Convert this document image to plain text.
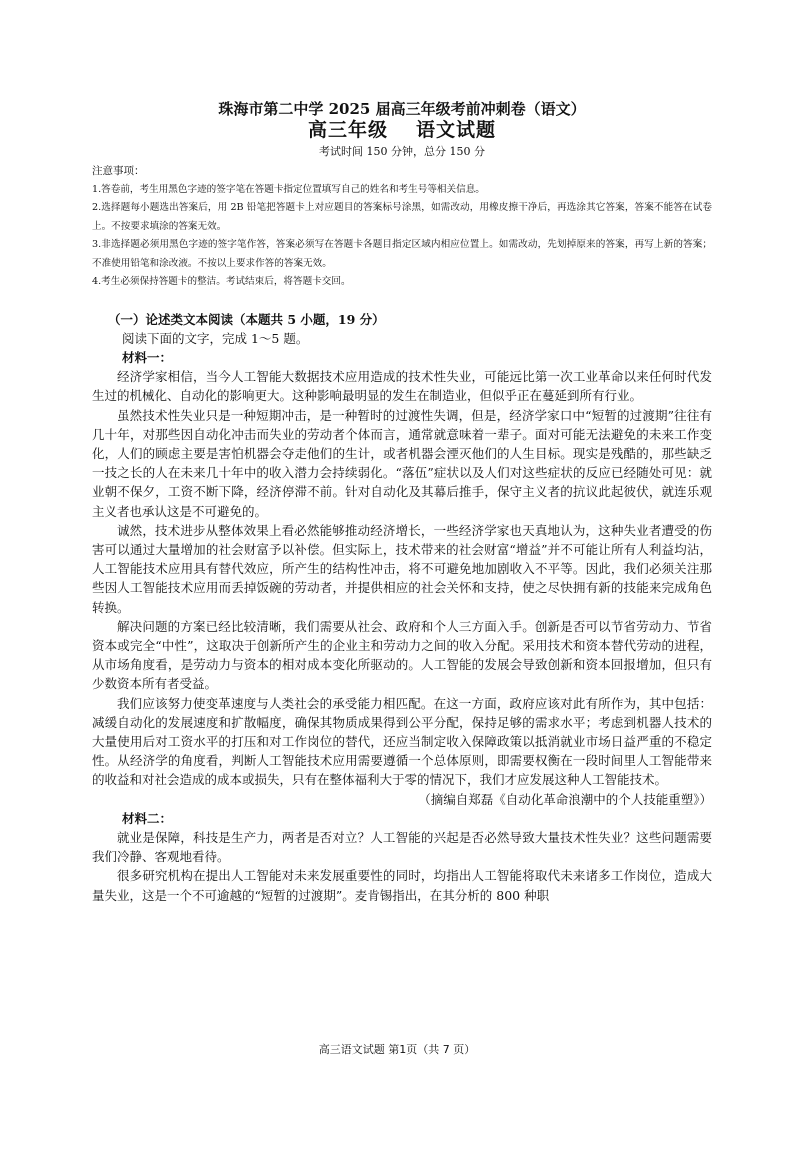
珠海市第二中学 2025 届高三年级考前冲刺卷（语文）

高三年级 语文试题

考试时间 150 分钟，总分 150 分

注意事项：
1.答卷前，考生用黑色字迹的签字笔在答题卡指定位置填写自己的姓名和考生号等相关信息。
2.选择题每小题选出答案后，用 2B 铅笔把答题卡上对应题目的答案标号涂黑，如需改动，用橡皮擦干净后，再选涂其它答案，答案不能答在试卷上。不按要求填涂的答案无效。
3.非选择题必须用黑色字迹的签字笔作答，答案必须写在答题卡各题目指定区域内相应位置上。如需改动，先划掉原来的答案，再写上新的答案；不准使用铅笔和涂改液。不按以上要求作答的答案无效。
4.考生必须保持答题卡的整洁。考试结束后，将答题卡交回。
（一）论述类文本阅读（本题共 5 小题，19 分）
阅读下面的文字，完成 1～5 题。
材料一：

经济学家相信，当今人工智能大数据技术应用造成的技术性失业，可能远比第一次工业革命以来任何时代发生过的机械化、自动化的影响更大。这种影响最明显的发生在制造业，但似乎正在蔓延到所有行业。

虽然技术性失业只是一种短期冲击，是一种暂时的过渡性失调，但是，经济学家口中“短暂的过渡期”往往有几十年，对那些因自动化冲击而失业的劳动者个体而言，通常就意味着一辈子。面对可能无法避免的未来工作变化，人们的顾虑主要是害怕机器会夺走他们的生计，或者机器会湮灭他们的人生目标。现实是残酷的，那些缺乏一技之长的人在未来几十年中的收入潜力会持续弱化。“落伍”症状以及人们对这些症状的反应已经随处可见：就业朝不保夕，工资不断下降，经济停滞不前。针对自动化及其幕后推手，保守主义者的抗议此起彼伏，就连乐观主义者也承认这是不可避免的。

诚然，技术进步从整体效果上看必然能够推动经济增长，一些经济学家也天真地认为，这种失业者遭受的伤害可以通过大量增加的社会财富予以补偿。但实际上，技术带来的社会财富“增益”并不可能让所有人利益均沾，人工智能技术应用具有替代效应，所产生的结构性冲击，将不可避免地加剧收入不平等。因此，我们必须关注那些因人工智能技术应用而丢掉饭碗的劳动者，并提供相应的社会关怀和支持，使之尽快拥有新的技能来完成角色转换。

解决问题的方案已经比较清晰，我们需要从社会、政府和个人三方面入手。创新是否可以节省劳动力、节省资本或完全“中性”，这取决于创新所产生的企业主和劳动力之间的收入分配。采用技术和资本替代劳动的进程，从市场角度看，是劳动力与资本的相对成本变化所驱动的。人工智能的发展会导致创新和资本回报增加，但只有少数资本所有者受益。

我们应该努力使变革速度与人类社会的承受能力相匹配。在这一方面，政府应该对此有所作为，其中包括：减缓自动化的发展速度和扩散幅度，确保其物质成果得到公平分配，保持足够的需求水平；考虑到机器人技术的大量使用后对工资水平的打压和对工作岗位的替代，还应当制定收入保障政策以抵消就业市场日益严重的不稳定性。从经济学的角度看，判断人工智能技术应用需要遵循一个总体原则，即需要权衡在一段时间里人工智能带来的收益和对社会造成的成本或损失，只有在整体福利大于零的情况下，我们才应发展这种人工智能技术。

（摘编自郑磊《自动化革命浪潮中的个人技能重塑》）

材料二：

就业是保障，科技是生产力，两者是否对立？人工智能的兴起是否必然导致大量技术性失业？这些问题需要我们冷静、客观地看待。

很多研究机构在提出人工智能对未来发展重要性的同时，均指出人工智能将取代未来诸多工作岗位，造成大量失业，这是一个不可逾越的“短暂的过渡期”。麦肯锡指出，在其分析的 800 种职

高三语文试题 第1页（共 7 页）
